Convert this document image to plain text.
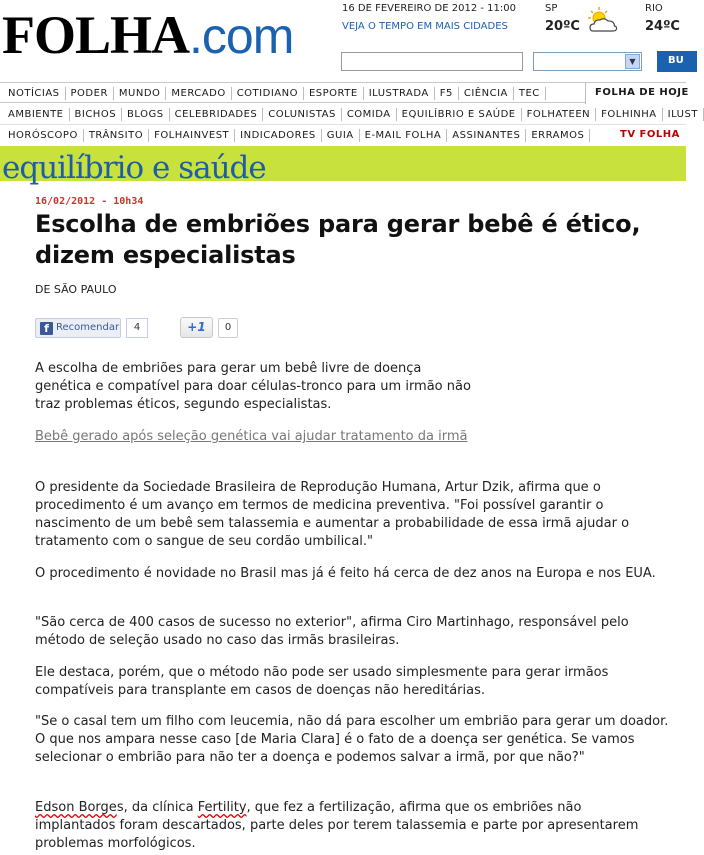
FOLHA .com	16 DE FEVEREIRO DE 2012 - 11:00
VEJA O TEMPO EM MAIS CIDADES
SP
20ºC
RIO
24ºC
▼	BU
NOTÍCIAS PODER MUNDO MERCADO COTIDIANO ESPORTE ILUSTRADA F5 CIÊNCIA TEC	FOLHA DE HOJE
AMBIENTE BICHOS BLOGS CELEBRIDADES COLUNISTAS COMIDA EQUILÍBRIO E SAÚDE FOLHATEEN FOLHINHA ILUST
HORÓSCOPO TRÂNSITO FOLHAINVEST INDICADORES GUIA E-MAIL FOLHA ASSINANTES ERRAMOS	TV FOLHA
equilíbrio e saúde
16/02/2012 - 10h34
Escolha de embriões para gerar bebê é ético, dizem especialistas
DE SÃO PAULO
f Recomendar	4	+1	0

A escolha de embriões para gerar um bebê livre de doença genética e compatível para doar células-tronco para um irmão não traz problemas éticos, segundo especialistas.

Bebê gerado após seleção genética vai ajudar tratamento da irmã

O presidente da Sociedade Brasileira de Reprodução Humana, Artur Dzik, afirma que o procedimento é um avanço em termos de medicina preventiva. "Foi possível garantir o nascimento de um bebê sem talassemia e aumentar a probabilidade de essa irmã ajudar o tratamento com o sangue de seu cordão umbilical."

O procedimento é novidade no Brasil mas já é feito há cerca de dez anos na Europa e nos EUA.

"São cerca de 400 casos de sucesso no exterior", afirma Ciro Martinhago, responsável pelo método de seleção usado no caso das irmãs brasileiras.

Ele destaca, porém, que o método não pode ser usado simplesmente para gerar irmãos compatíveis para transplante em casos de doenças não hereditárias.

"Se o casal tem um filho com leucemia, não dá para escolher um embrião para gerar um doador. O que nos ampara nesse caso [de Maria Clara] é o fato de a doença ser genética. Se vamos selecionar o embrião para não ter a doença e podemos salvar a irmã, por que não?"

Edson Borges, da clínica Fertility, que fez a fertilização, afirma que os embriões não implantados foram descartados, parte deles por terem talassemia e parte por apresentarem problemas morfológicos.
